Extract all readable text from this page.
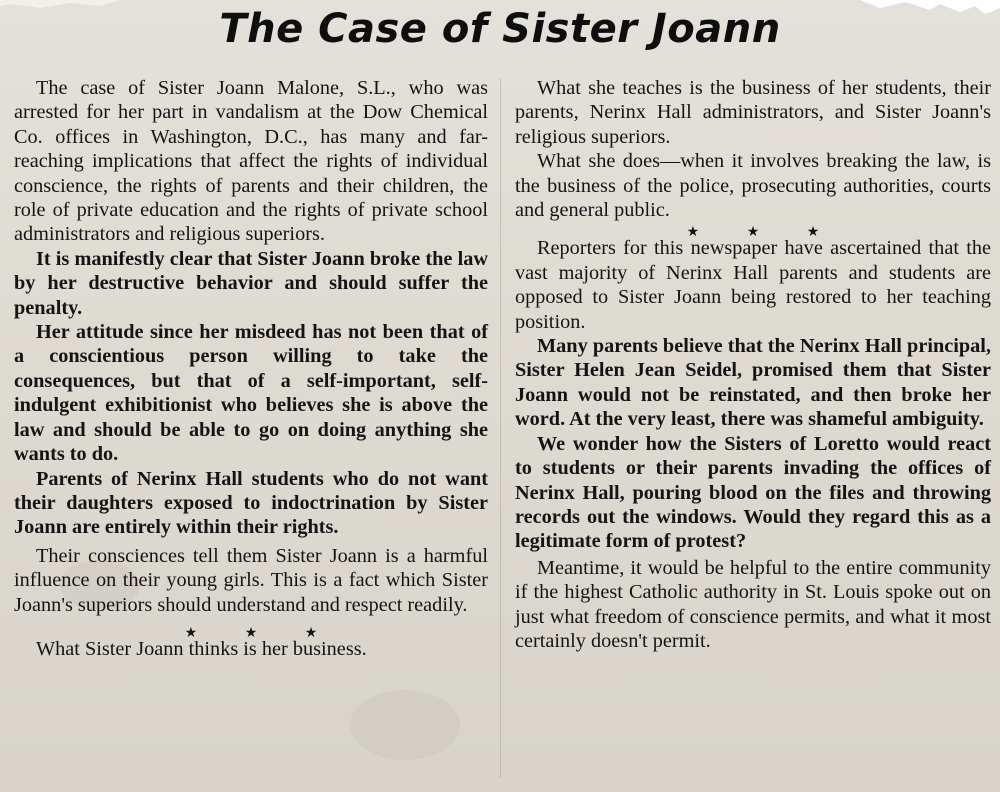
The Case of Sister Joann

The case of Sister Joann Malone, S.L., who was arrested for her part in vandalism at the Dow Chemical Co. offices in Washington, D.C., has many and far-reaching implications that affect the rights of individual conscience, the rights of parents and their children, the role of private education and the rights of private school administrators and religious superiors.

It is manifestly clear that Sister Joann broke the law by her destructive behavior and should suffer the penalty.

Her attitude since her misdeed has not been that of a conscientious person willing to take the consequences, but that of a self-important, self-indulgent exhibitionist who believes she is above the law and should be able to go on doing anything she wants to do.

Parents of Nerinx Hall students who do not want their daughters exposed to indoctrination by Sister Joann are entirely within their rights.

Their consciences tell them Sister Joann is a harmful influence on their young girls. This is a fact which Sister Joann's superiors should understand and respect readily.

★ ★ ★

What Sister Joann thinks is her business.

What she teaches is the business of her students, their parents, Nerinx Hall administrators, and Sister Joann's religious superiors.

What she does—when it involves breaking the law, is the business of the police, prosecuting authorities, courts and general public.

★ ★ ★

Reporters for this newspaper have ascertained that the vast majority of Nerinx Hall parents and students are opposed to Sister Joann being restored to her teaching position.

Many parents believe that the Nerinx Hall principal, Sister Helen Jean Seidel, promised them that Sister Joann would not be reinstated, and then broke her word. At the very least, there was shameful ambiguity.

We wonder how the Sisters of Loretto would react to students or their parents invading the offices of Nerinx Hall, pouring blood on the files and throwing records out the windows. Would they regard this as a legitimate form of protest?

Meantime, it would be helpful to the entire community if the highest Catholic authority in St. Louis spoke out on just what freedom of conscience permits, and what it most certainly doesn't permit.
